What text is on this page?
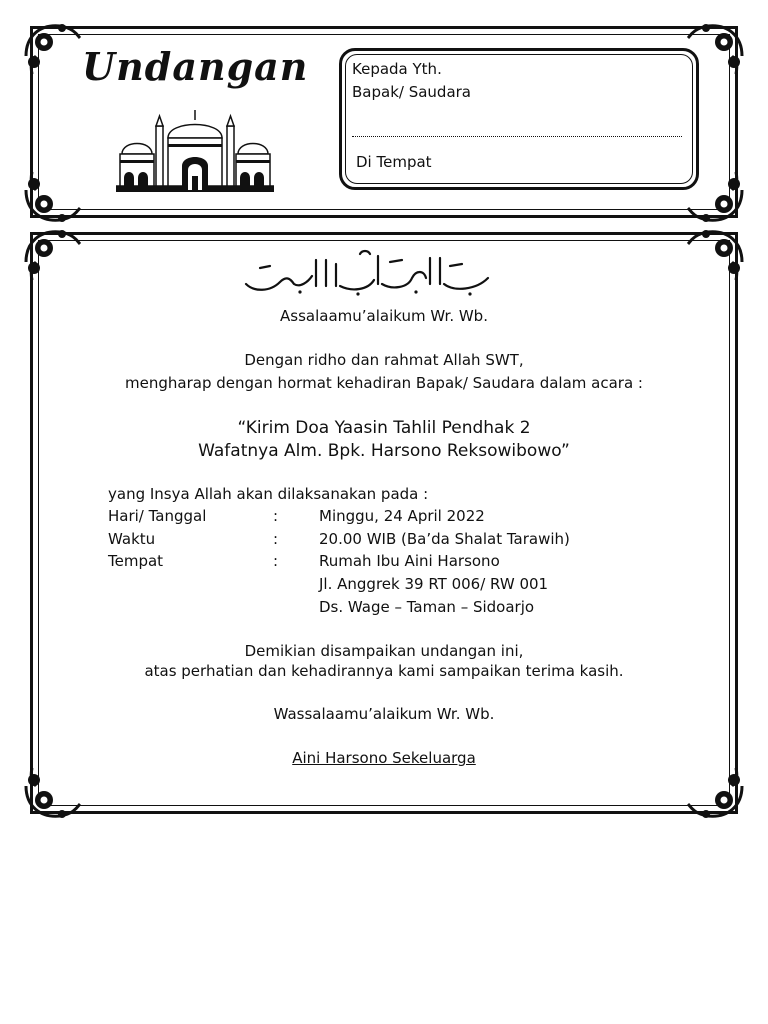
Undangan	Kepada Yth.
Bapak/ Saudara
Di Tempat
Assalaamu’alaikum Wr. Wb.
Dengan ridho dan rahmat Allah SWT,
mengharap dengan hormat kehadiran Bapak/ Saudara dalam acara :
“Kirim Doa Yaasin Tahlil Pendhak 2
Wafatnya Alm. Bpk. Harsono Reksowibowo”
yang Insya Allah akan dilaksanakan pada :
Hari/ Tanggal	:	Minggu, 24 April 2022
Waktu	:	20.00 WIB (Ba’da Shalat Tarawih)
Tempat	:	Rumah Ibu Aini Harsono
Jl. Anggrek 39 RT 006/ RW 001
Ds. Wage – Taman – Sidoarjo
Demikian disampaikan undangan ini,
atas perhatian dan kehadirannya kami sampaikan terima kasih.
Wassalaamu’alaikum Wr. Wb.
Aini Harsono Sekeluarga
